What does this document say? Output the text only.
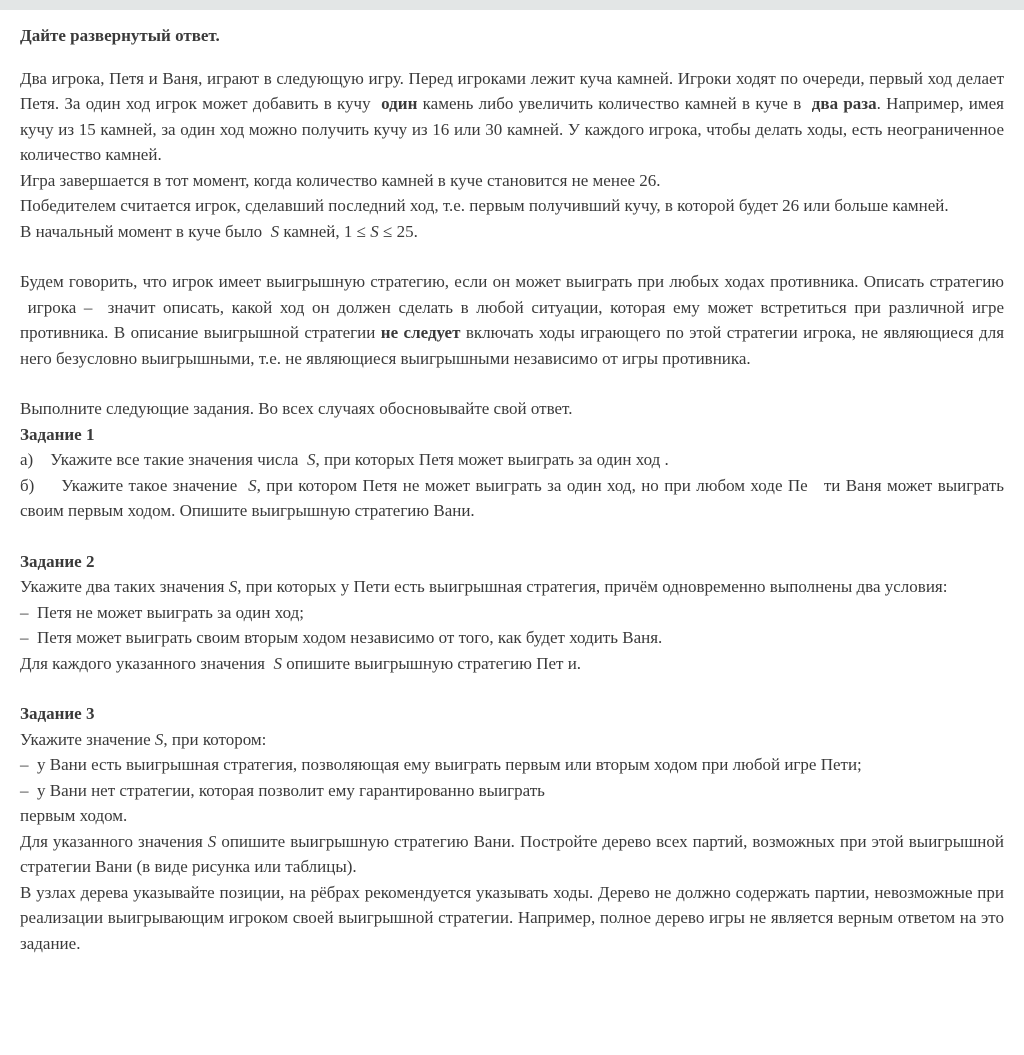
Дайте развернутый ответ.

Два игрока, Петя и Ваня, играют в следующую игру. Перед игроками лежит куча камней. Игроки ходят по очереди, первый ход делает Петя. За один ход игрок может добавить в кучу  один камень либо увеличить количество камней в куче в  два раза. Например, имея кучу из 15 камней, за один ход можно получить кучу из 16 или 30 камней. У каждого игрока, чтобы делать ходы, есть неограниченное количество камней.

Игра завершается в тот момент, когда количество камней в куче становится не менее 26.

Победителем считается игрок, сделавший последний ход, т.е. первым получивший кучу, в которой будет 26 или больше камней.

В начальный момент в куче было  S камней, 1 ≤ S ≤ 25.

Будем говорить, что игрок имеет выигрышную стратегию, если он может выиграть при любых ходах противника. Описать стратегию  игрока –  значит описать, какой ход он должен сделать в любой ситуации, которая ему может встретиться при различной игре противника. В описание выигрышной стратегии не следует включать ходы играющего по этой стратегии игрока, не являющиеся для него безусловно выигрышными, т.е. не являющиеся выигрышными независимо от игры противника.

Выполните следующие задания. Во всех случаях обосновывайте свой ответ.

Задание 1

а)    Укажите все такие значения числа  S, при которых Петя может выиграть за один ход .

б)     Укажите такое значение  S, при котором Петя не может выиграть за один ход, но при любом ходе Пе   ти Ваня может выиграть своим первым ходом. Опишите выигрышную стратегию Вани.

Задание 2

Укажите два таких значения S, при которых у Пети есть выигрышная стратегия, причём одновременно выполнены два условия:

–  Петя не может выиграть за один ход;

–  Петя может выиграть своим вторым ходом независимо от того, как будет ходить Ваня.

Для каждого указанного значения  S опишите выигрышную стратегию Пет и.

Задание 3

Укажите значение S, при котором:

–  у Вани есть выигрышная стратегия, позволяющая ему выиграть первым или вторым ходом при любой игре Пети;

–  у Вани нет стратегии, которая позволит ему гарантированно выиграть

первым ходом.

Для указанного значения S опишите выигрышную стратегию Вани. Постройте дерево всех партий, возможных при этой выигрышной стратегии Вани (в виде рисунка или таблицы).

В узлах дерева указывайте позиции, на рёбрах рекомендуется указывать ходы. Дерево не должно содержать партии, невозможные при реализации выигрывающим игроком своей выигрышной стратегии. Например, полное дерево игры не является верным ответом на это задание.
